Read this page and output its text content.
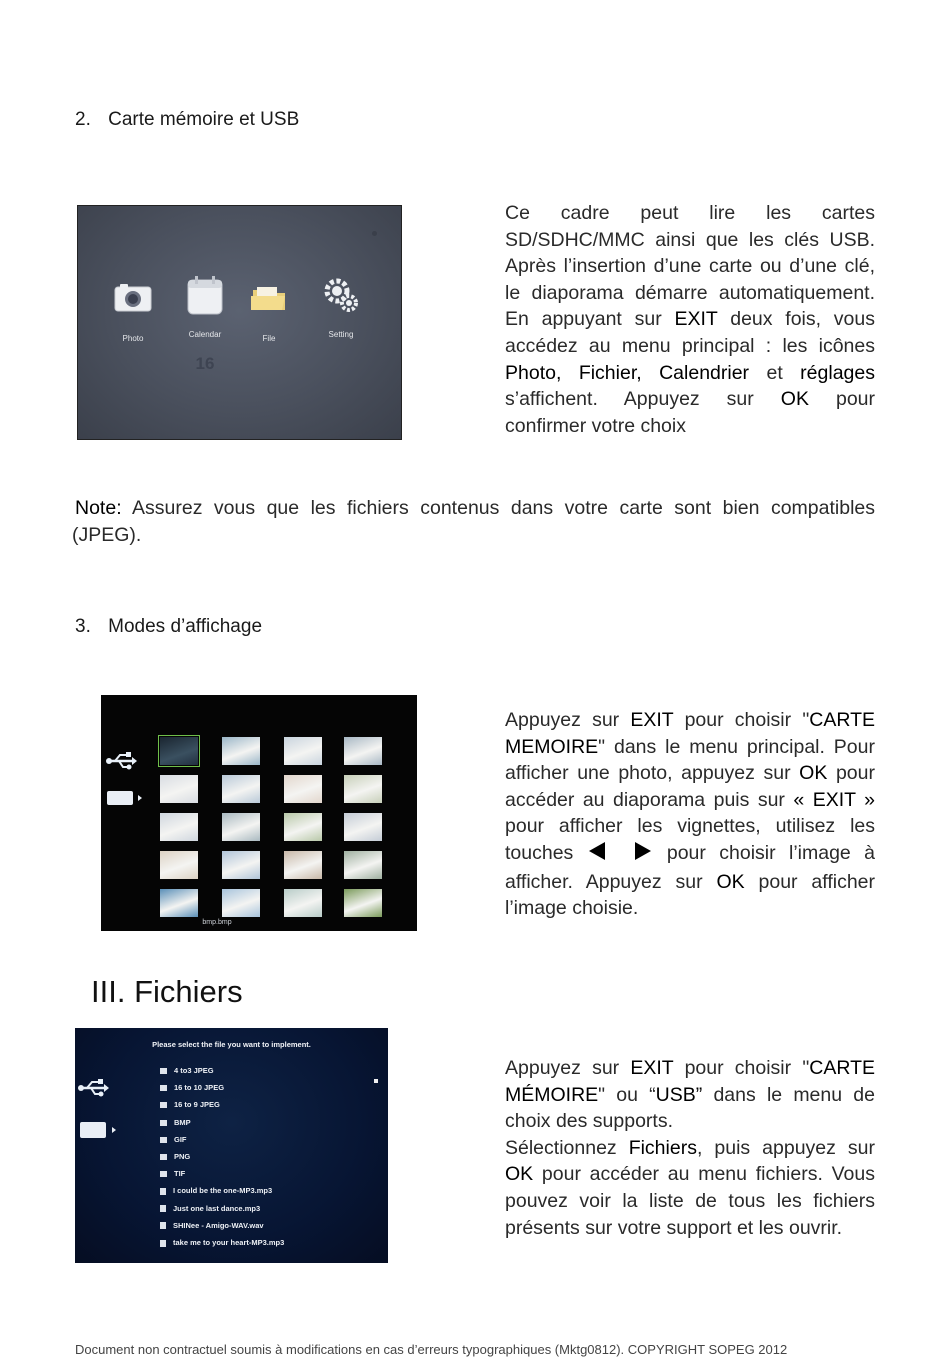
2. Carte mémoire et USB
Photo
16
Calendar	File	Setting
Ce cadre peut lire les cartes SD/SDHC/MMC ainsi que les clés USB. Après l’insertion d’une carte ou d’une clé, le diaporama démarre automatiquement. En appuyant sur EXIT deux fois, vous accédez au menu principal : les icônes Photo, Fichier, Calendrier et réglages s’affichent. Appuyez sur OK pour confirmer votre choix
Note: Assurez vous que les fichiers contenus dans votre carte sont bien compatibles (JPEG).
3. Modes d’affichage
bmp.bmp
Appuyez sur EXIT pour choisir "CARTE MEMOIRE" dans le menu principal. Pour afficher une photo, appuyez sur OK pour accéder au diaporama puis sur « EXIT » pour afficher les vignettes, utilisez les touches	pour choisir l’image à afficher. Appuyez sur OK pour afficher l’image choisie.
III. Fichiers
Please select the file you want to implement.
4 to3 JPEG
16 to 10 JPEG
16 to 9 JPEG
BMP
GIF
PNG
TIF
I could be the one-MP3.mp3
Just one last dance.mp3
SHINee - Amigo-WAV.wav
take me to your heart-MP3.mp3
Appuyez sur EXIT pour choisir "CARTE MÉMOIRE" ou “USB” dans le menu de choix des supports.
Sélectionnez Fichiers, puis appuyez sur OK pour accéder au menu fichiers. Vous pouvez voir la liste de tous les fichiers présents sur votre support et les ouvrir.
Document non contractuel soumis à modifications en cas d’erreurs typographiques (Mktg0812). COPYRIGHT SOPEG 2012
